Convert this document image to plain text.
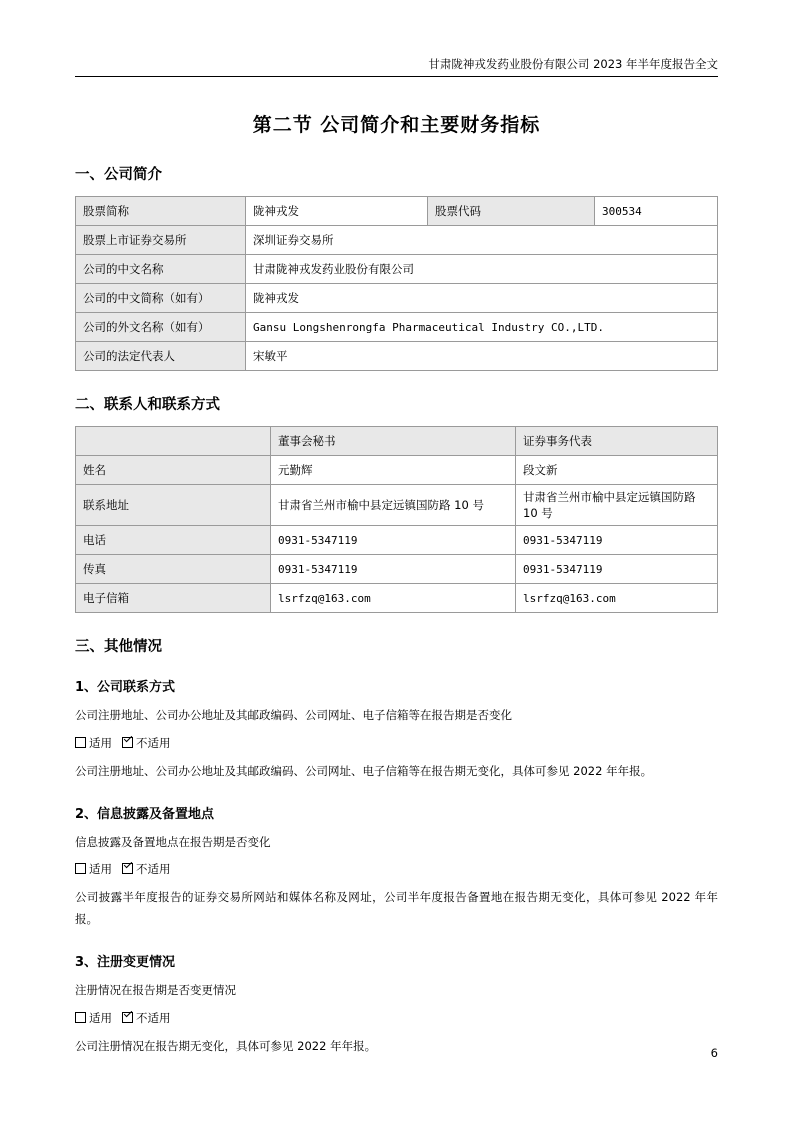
甘肃陇神戎发药业股份有限公司 2023 年半年度报告全文
第二节 公司简介和主要财务指标
一、公司简介
股票简称	陇神戎发	股票代码	300534
股票上市证券交易所	深圳证券交易所		
公司的中文名称	甘肃陇神戎发药业股份有限公司		
公司的中文简称（如有）	陇神戎发		
公司的外文名称（如有）	Gansu Longshenrongfa Pharmaceutical Industry CO.,LTD.		
公司的法定代表人	宋敏平		
二、联系人和联系方式
	董事会秘书	证券事务代表
姓名	元勤辉	段文新
联系地址	甘肃省兰州市榆中县定远镇国防路 10 号	甘肃省兰州市榆中县定远镇国防路 10 号
电话	0931-5347119	0931-5347119
传真	0931-5347119	0931-5347119
电子信箱	lsrfzq@163.com	lsrfzq@163.com
三、其他情况
1、公司联系方式

公司注册地址、公司办公地址及其邮政编码、公司网址、电子信箱等在报告期是否变化

适用 不适用

公司注册地址、公司办公地址及其邮政编码、公司网址、电子信箱等在报告期无变化，具体可参见 2022 年年报。

2、信息披露及备置地点

信息披露及备置地点在报告期是否变化

适用 不适用

公司披露半年度报告的证券交易所网站和媒体名称及网址，公司半年度报告备置地在报告期无变化，具体可参见 2022 年年报。

3、注册变更情况

注册情况在报告期是否变更情况

适用 不适用

公司注册情况在报告期无变化，具体可参见 2022 年年报。

6
